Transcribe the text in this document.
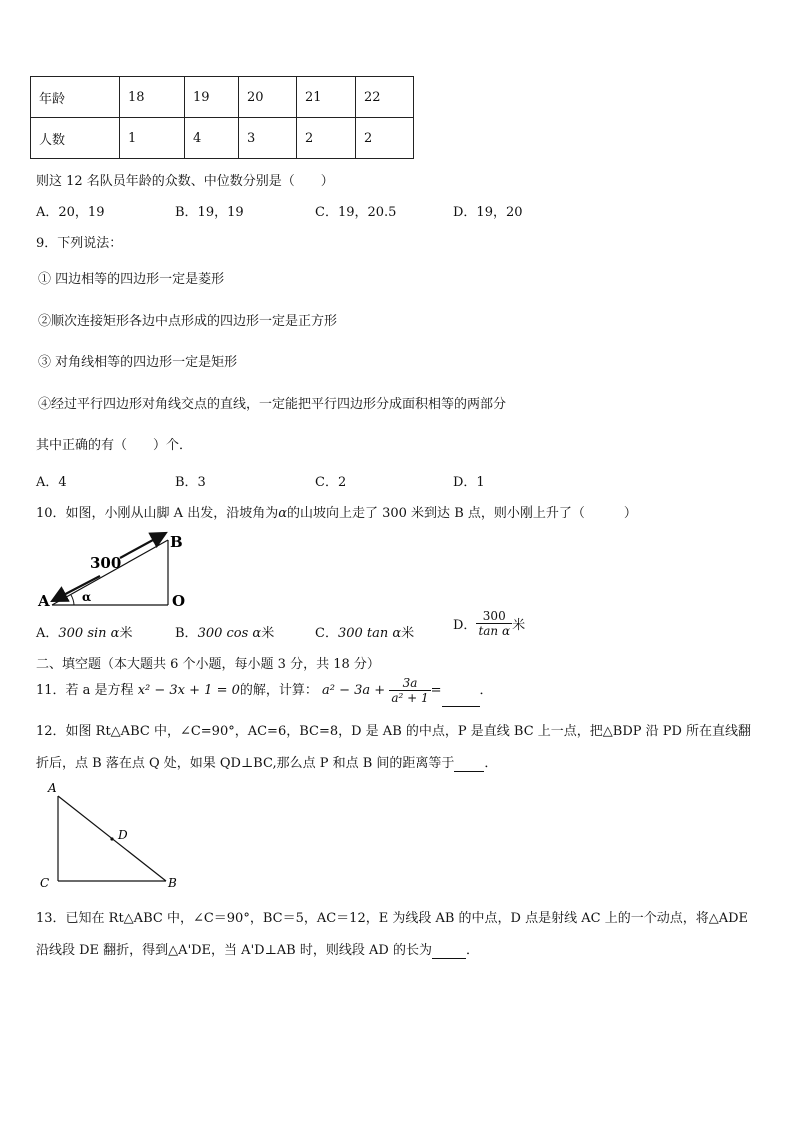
年龄	18	19	20	21	22
人数	1	4	3	2	2
则这 12 名队员年龄的众数、中位数分别是（　　）
A．20，19	B．19，19	C．19，20.5	D．19，20
9．下列说法：
① 四边相等的四边形一定是菱形
②顺次连接矩形各边中点形成的四边形一定是正方形
③ 对角线相等的四边形一定是矩形
④经过平行四边形对角线交点的直线，一定能把平行四边形分成面积相等的两部分
其中正确的有（　　）个．
A．4	B．3	C．2	D．1
10．如图，小刚从山脚 A 出发，沿坡角为α的山坡向上走了 300 米到达 B 点，则小刚上升了（　　　）
300
A
B
O
α
A．300 sin α米	B．300 cos α米	C．300 tan α米
D． $\frac{300}{\text{tan α}}$ 米
二、填空题（本大题共 6 个小题，每小题 3 分，共 18 分）
11．若 a 是方程 x² − 3x + 1 = 0的解，计算： $a^2 - 3a + \frac{3a}{\text{a² + 1}}$ =	．
12．如图 Rt△ABC 中，∠C=90°，AC=6，BC=8，D 是 AB 的中点，P 是直线 BC 上一点，把△BDP 沿 PD 所在直线翻
折后，点 B 落在点 Q 处，如果 QD⊥BC,那么点 P 和点 B 间的距离等于 ．
A
C	B
D
13．已知在 Rt△ABC 中，∠C＝90°，BC＝5，AC＝12，E 为线段 AB 的中点，D 点是射线 AC 上的一个动点，将△ADE
沿线段 DE 翻折，得到△A'DE，当 A'D⊥AB 时，则线段 AD 的长为	．
